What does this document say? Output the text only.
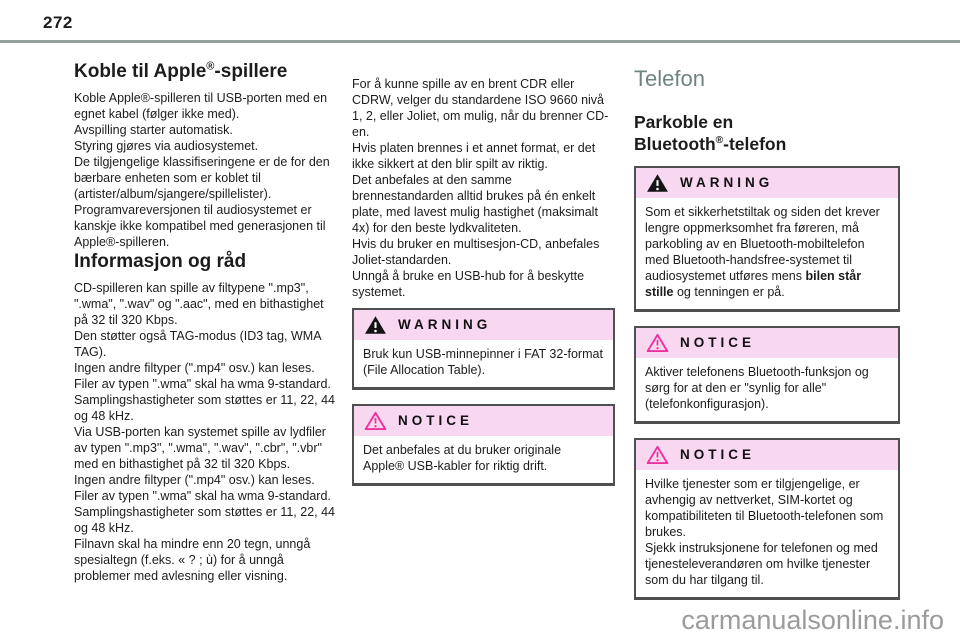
272
Koble til Apple®-spillere

Koble Apple®-spilleren til USB-porten med en egnet kabel (følger ikke med).

Avspilling starter automatisk.

Styring gjøres via audiosystemet.

De tilgjengelige klassifiseringene er de for den bærbare enheten som er koblet til (artister/album/sjangere/spillelister).

Programvareversjonen til audiosystemet er kanskje ikke kompatibel med generasjonen til Apple®-spilleren.

Informasjon og råd

CD-spilleren kan spille av filtypene ".mp3", ".wma", ".wav" og ".aac", med en bithastighet på 32 til 320 Kbps.

Den støtter også TAG-modus (ID3 tag, WMA TAG).

Ingen andre filtyper (".mp4" osv.) kan leses.

Filer av typen ".wma" skal ha wma 9-standard.

Samplingshastigheter som støttes er 11, 22, 44 og 48 kHz.

Via USB-porten kan systemet spille av lydfiler av typen ".mp3", ".wma", ".wav", ".cbr", ".vbr" med en bithastighet på 32 til 320 Kbps.

Ingen andre filtyper (".mp4" osv.) kan leses.

Filer av typen ".wma" skal ha wma 9-standard.

Samplingshastigheter som støttes er 11, 22, 44 og 48 kHz.

Filnavn skal ha mindre enn 20 tegn, unngå spesialtegn (f.eks. « ? ; ù) for å unngå problemer med avlesning eller visning.

For å kunne spille av en brent CDR eller CDRW, velger du standardene ISO 9660 nivå 1, 2, eller Joliet, om mulig, når du brenner CD-en.

Hvis platen brennes i et annet format, er det ikke sikkert at den blir spilt av riktig.

Det anbefales at den samme brennestandarden alltid brukes på én enkelt plate, med lavest mulig hastighet (maksimalt 4x) for den beste lydkvaliteten.

Hvis du bruker en multisesjon-CD, anbefales Joliet-standarden.

Unngå å bruke en USB-hub for å beskytte systemet.

WARNING
Bruk kun USB-minnepinner i FAT 32-format (File Allocation Table).
NOTICE
Det anbefales at du bruker originale Apple® USB-kabler for riktig drift.
Telefon
Parkoble en
Bluetooth®-telefon
WARNING
Som et sikkerhetstiltak og siden det krever lengre oppmerksomhet fra føreren, må parkobling av en Bluetooth-mobiltelefon med Bluetooth-handsfree-systemet til audiosystemet utføres mens bilen står stille og tenningen er på.
NOTICE
Aktiver telefonens Bluetooth-funksjon og sørg for at den er "synlig for alle" (telefonkonfigurasjon).
NOTICE

Hvilke tjenester som er tilgjengelige, er avhengig av nettverket, SIM-kortet og kompatibiliteten til Bluetooth-telefonen som brukes.

Sjekk instruksjonene for telefonen og med tjenesteleverandøren om hvilke tjenester som du har tilgang til.

carmanualsonline.info
